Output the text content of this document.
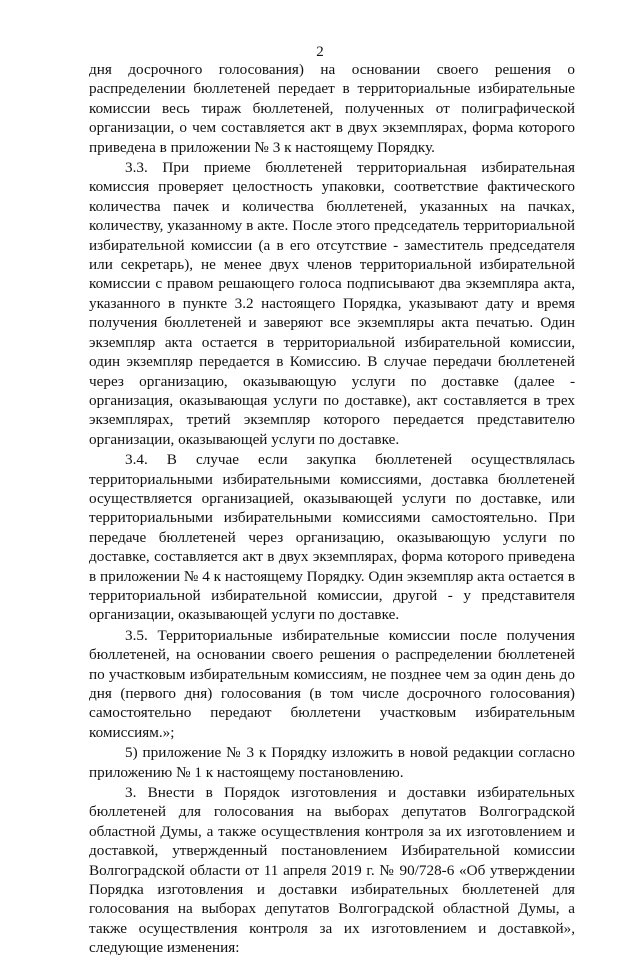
2

дня досрочного голосования) на основании своего решения о распределении бюллетеней передает в территориальные избирательные комиссии весь тираж бюллетеней, полученных от полиграфической организации, о чем составляется акт в двух экземплярах, форма которого приведена в приложении № 3 к настоящему Порядку.

3.3. При приеме бюллетеней территориальная избирательная комиссия проверяет целостность упаковки, соответствие фактического количества пачек и количества бюллетеней, указанных на пачках, количеству, указанному в акте. После этого председатель территориальной избирательной комиссии (а в его отсутствие - заместитель председателя или секретарь), не менее двух членов территориальной избирательной комиссии с правом решающего голоса подписывают два экземпляра акта, указанного в пункте 3.2 настоящего Порядка, указывают дату и время получения бюллетеней и заверяют все экземпляры акта печатью. Один экземпляр акта остается в территориальной избирательной комиссии, один экземпляр передается в Комиссию. В случае передачи бюллетеней через организацию, оказывающую услуги по доставке (далее - организация, оказывающая услуги по доставке), акт составляется в трех экземплярах, третий экземпляр которого передается представителю организации, оказывающей услуги по доставке.

3.4. В случае если закупка бюллетеней осуществлялась территориальными избирательными комиссиями, доставка бюллетеней осуществляется организацией, оказывающей услуги по доставке, или территориальными избирательными комиссиями самостоятельно. При передаче бюллетеней через организацию, оказывающую услуги по доставке, составляется акт в двух экземплярах, форма которого приведена в приложении № 4 к настоящему Порядку. Один экземпляр акта остается в территориальной избирательной комиссии, другой - у представителя организации, оказывающей услуги по доставке.

3.5. Территориальные избирательные комиссии после получения бюллетеней, на основании своего решения о распределении бюллетеней по участковым избирательным комиссиям, не позднее чем за один день до дня (первого дня) голосования (в том числе досрочного голосования) самостоятельно передают бюллетени участковым избирательным комиссиям.»;

5) приложение № 3 к Порядку изложить в новой редакции согласно приложению № 1 к настоящему постановлению.

3. Внести в Порядок изготовления и доставки избирательных бюллетеней для голосования на выборах депутатов Волгоградской областной Думы, а также осуществления контроля за их изготовлением и доставкой, утвержденный постановлением Избирательной комиссии Волгоградской области от 11 апреля 2019 г. № 90/728-6 «Об утверждении Порядка изготовления и доставки избирательных бюллетеней для голосования на выборах депутатов Волгоградской областной Думы, а также осуществления контроля за их изготовлением и доставкой», следующие изменения:
